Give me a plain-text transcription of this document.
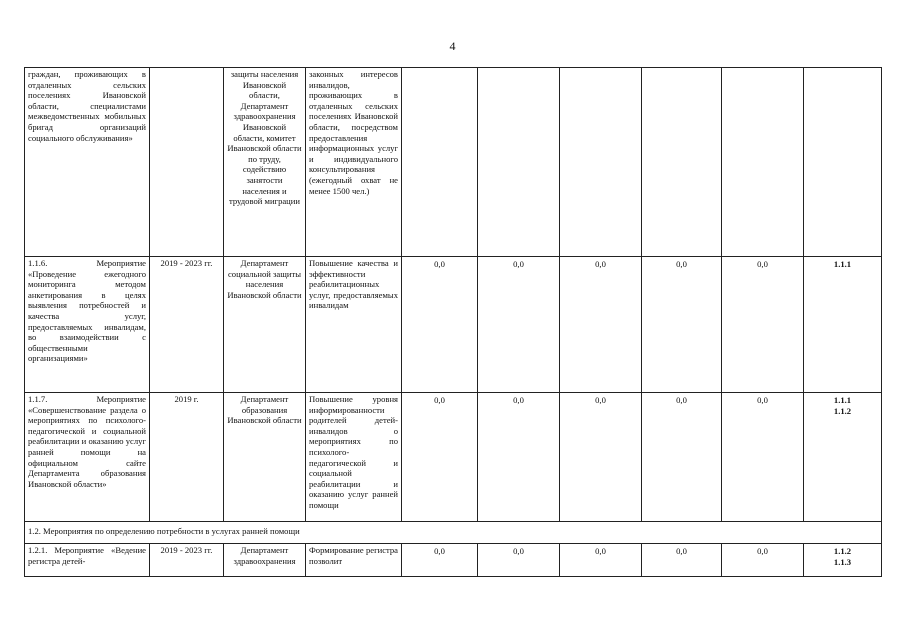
4
граждан, проживающих в отдаленных сельских поселениях Ивановской области, специалистами межведомственных мобильных бригад организаций социального обслуживания»		защиты населения Ивановской области, Департамент здравоохранения Ивановской области, комитет Ивановской области по труду, содействию занятости населения и трудовой миграции	законных интересов инвалидов, проживающих в отдаленных сельских поселениях Ивановской области, посредством предоставления информационных услуг и индивидуального консультирования (ежегодный охват не менее 1500 чел.)						
1.1.6. Мероприятие «Проведение ежегодного мониторинга методом анкетирования в целях выявления потребностей и качества услуг, предоставляемых инвалидам, во взаимодействии с общественными организациями»	2019 - 2023 гг.	Департамент социальной защиты населения Ивановской области	Повышение качества и эффективности реабилитационных услуг, предоставляемых инвалидам	0,0	0,0	0,0	0,0	0,0	1.1.1

1.1.7. Мероприятие «Совершенствование раздела о мероприятиях по психолого-педагогической и социальной реабилитации и оказанию услуг ранней помощи на официальном сайте Департамента образования Ивановской области»	2019 г.	Департамент образования Ивановской области	Повышение уровня информированности родителей детей-инвалидов о мероприятиях по психолого-педагогической и социальной реабилитации и оказанию услуг ранней помощи	0,0	0,0	0,0	0,0	0,0	1.1.1
1.1.2

1.2. Мероприятия по определению потребности в услугах ранней помощи									
1.2.1. Мероприятие «Ведение регистра детей-	2019 - 2023 гг.	Департамент здравоохранения	Формирование регистра позволит	0,0	0,0	0,0	0,0	0,0	1.1.2
1.1.3
